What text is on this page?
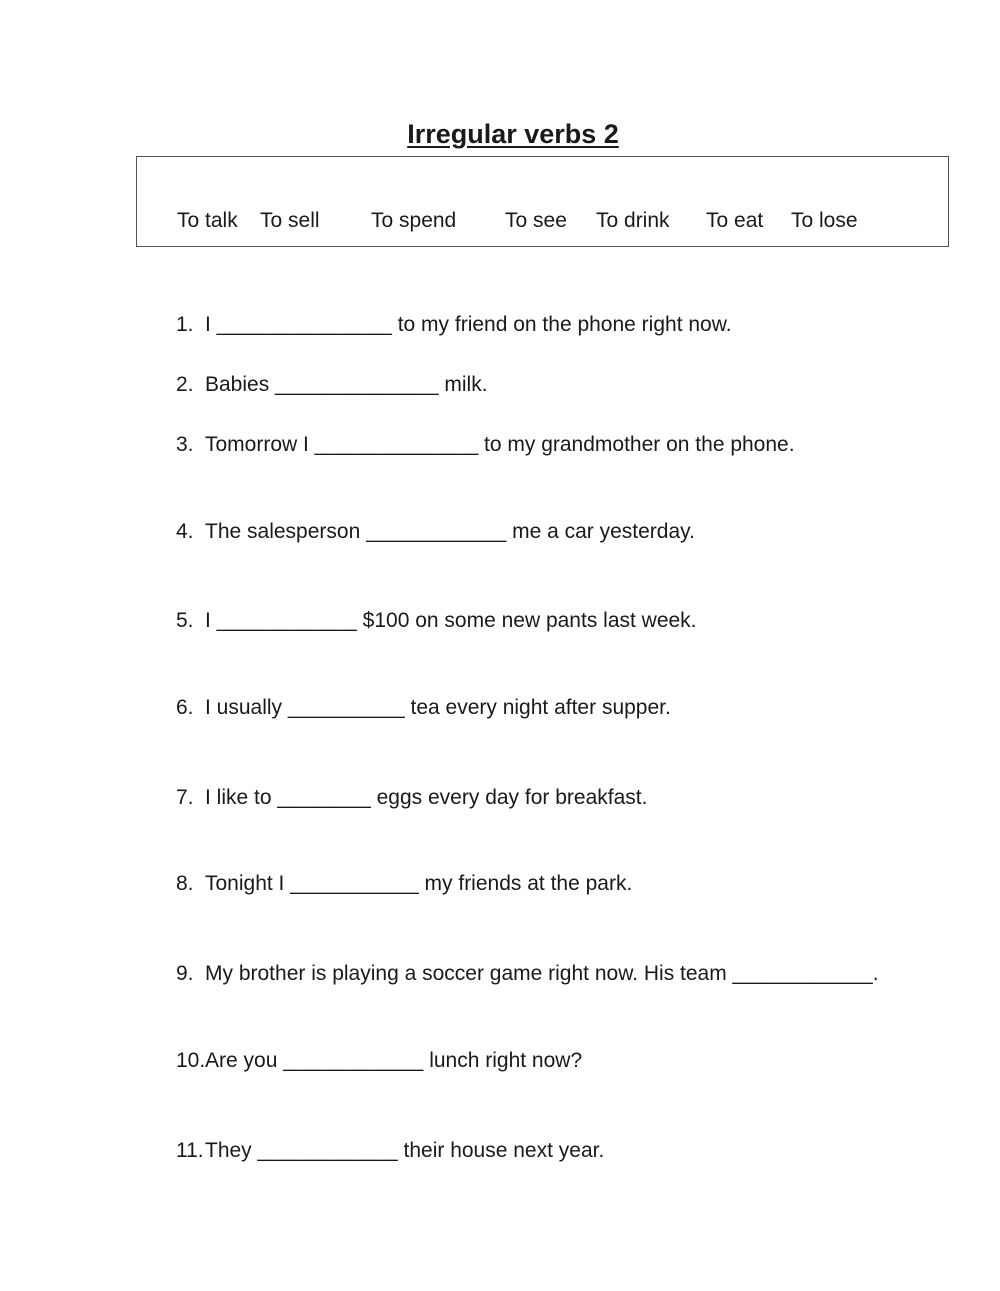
Irregular verbs 2
To talk To sell To spend To see To drink To eat To lose
1. I _______________ to my friend on the phone right now.
2. Babies ______________ milk.
3. Tomorrow I ______________ to my grandmother on the phone.
4. The salesperson ____________ me a car yesterday.
5. I ____________ $100 on some new pants last week.
6. I usually __________ tea every night after supper.
7. I like to ________ eggs every day for breakfast.
8. Tonight I ___________ my friends at the park.
9. My brother is playing a soccer game right now. His team ____________.
10.Are you ____________ lunch right now?
11.They ____________ their house next year.
